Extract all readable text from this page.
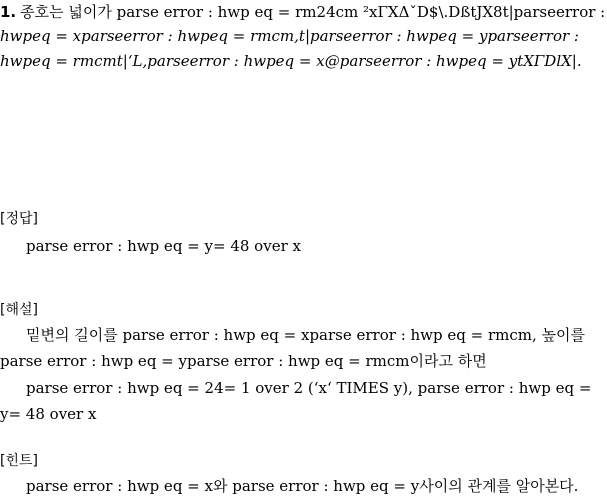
1. 종호는 넓이가 parse error : hwp eq = rm24cm ²xΓXΔˇD$\.DßtJX8t|parseerror :
hwpeq = xparseerror : hwpeq = rmcm,t|parseerror : hwpeq = yparseerror :
hwpeq = rmcmt|‘L,parseerror : hwpeq = x@parseerror : hwpeq = ytXΓDlX|.
[정답]
parse error : hwp eq = y= 48 over x
[해설]
밑변의 길이를 parse error : hwp eq = xparse error : hwp eq = rmcm, 높이를
parse error : hwp eq = yparse error : hwp eq = rmcm이라고 하면
parse error : hwp eq = 24= 1 over 2 (‘x‘ TIMES y), parse error : hwp eq =
y= 48 over x
[힌트]
parse error : hwp eq = x와 parse error : hwp eq = y사이의 관계를 알아본다.
